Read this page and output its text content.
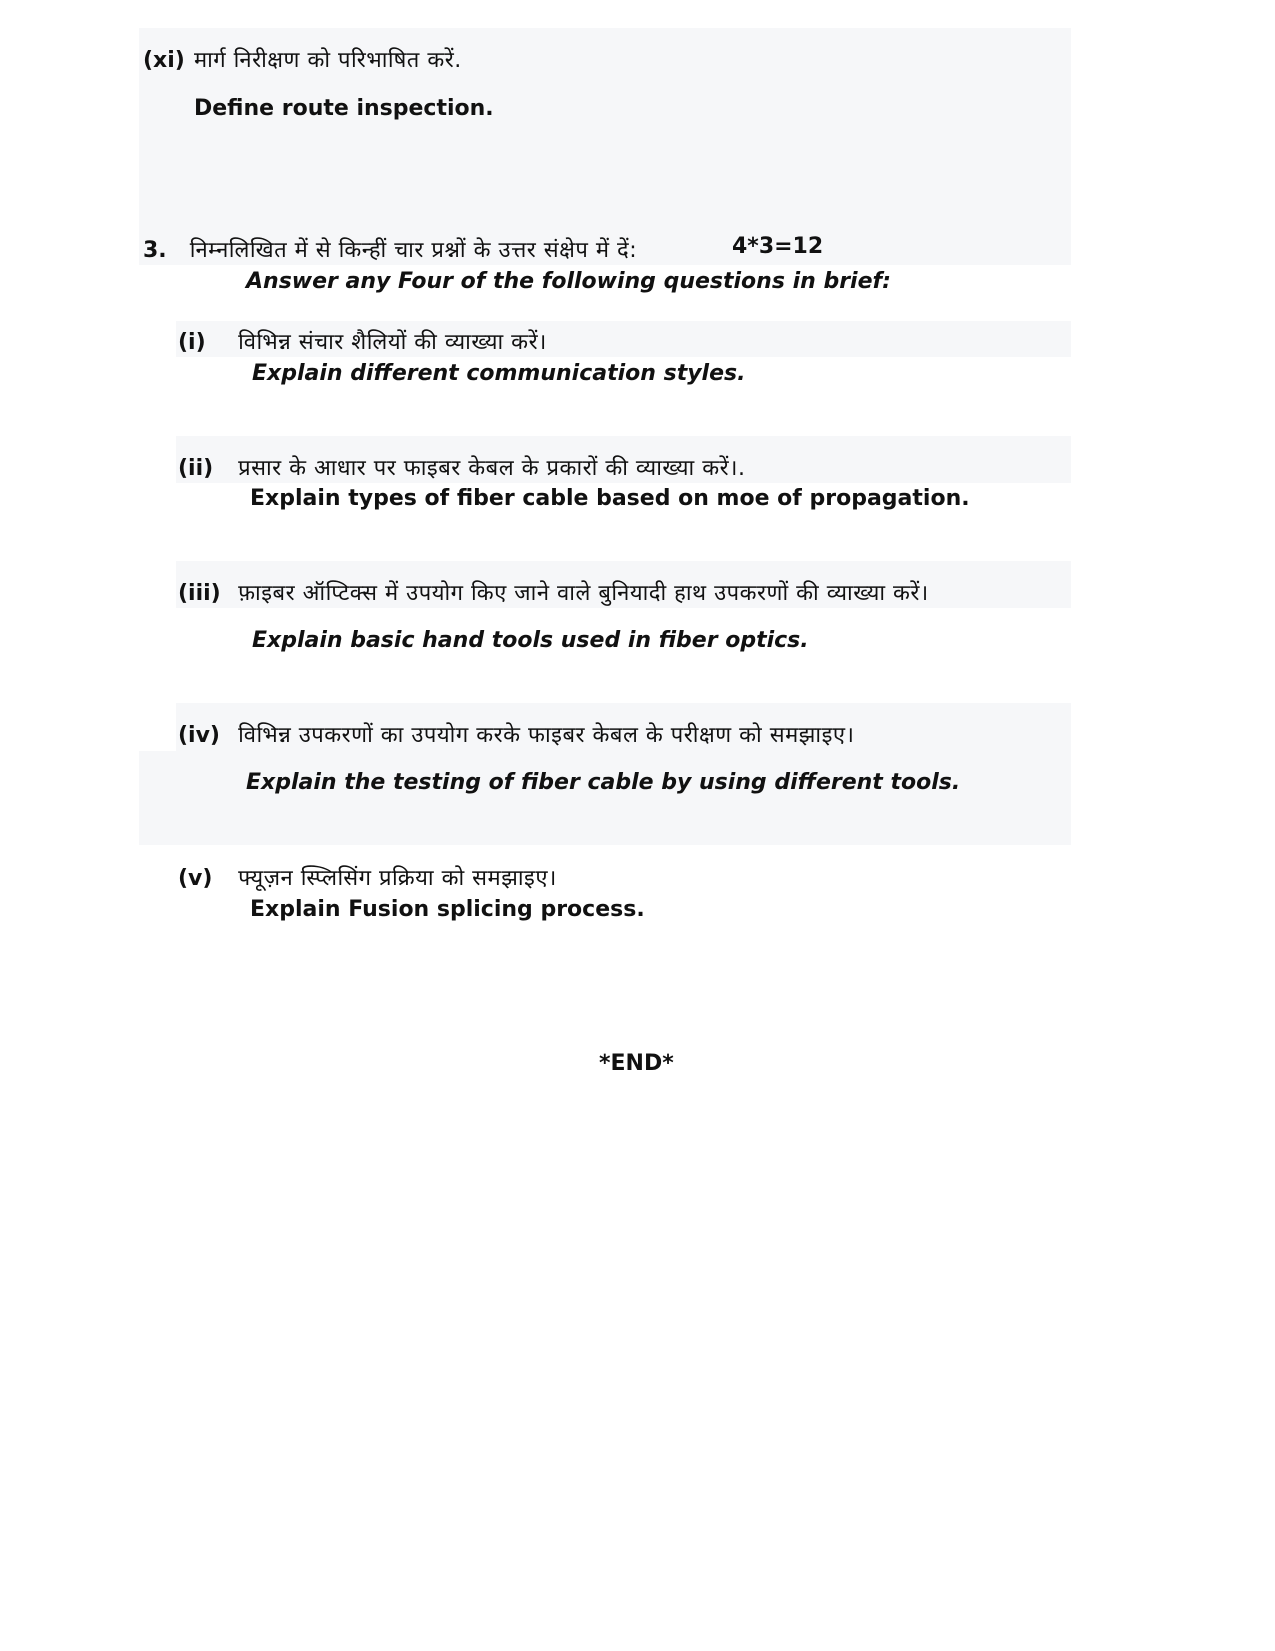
(xi) मार्ग निरीक्षण को परिभाषित करें.
Define route inspection.
3. निम्नलिखित में से किन्हीं चार प्रश्नों के उत्तर संक्षेप में दें:	4*3=12
Answer any Four of the following questions in brief:
(i) विभिन्न संचार शैलियों की व्याख्या करें।
Explain different communication styles.
(ii) प्रसार के आधार पर फाइबर केबल के प्रकारों की व्याख्या करें।.
Explain types of fiber cable based on moe of propagation.
(iii) फ़ाइबर ऑप्टिक्स में उपयोग किए जाने वाले बुनियादी हाथ उपकरणों की व्याख्या करें।
Explain basic hand tools used in fiber optics.
(iv) विभिन्न उपकरणों का उपयोग करके फाइबर केबल के परीक्षण को समझाइए।
Explain the testing of fiber cable by using different tools.
(v) फ्यूज़न स्प्लिसिंग प्रक्रिया को समझाइए।
Explain Fusion splicing process.
*END*
